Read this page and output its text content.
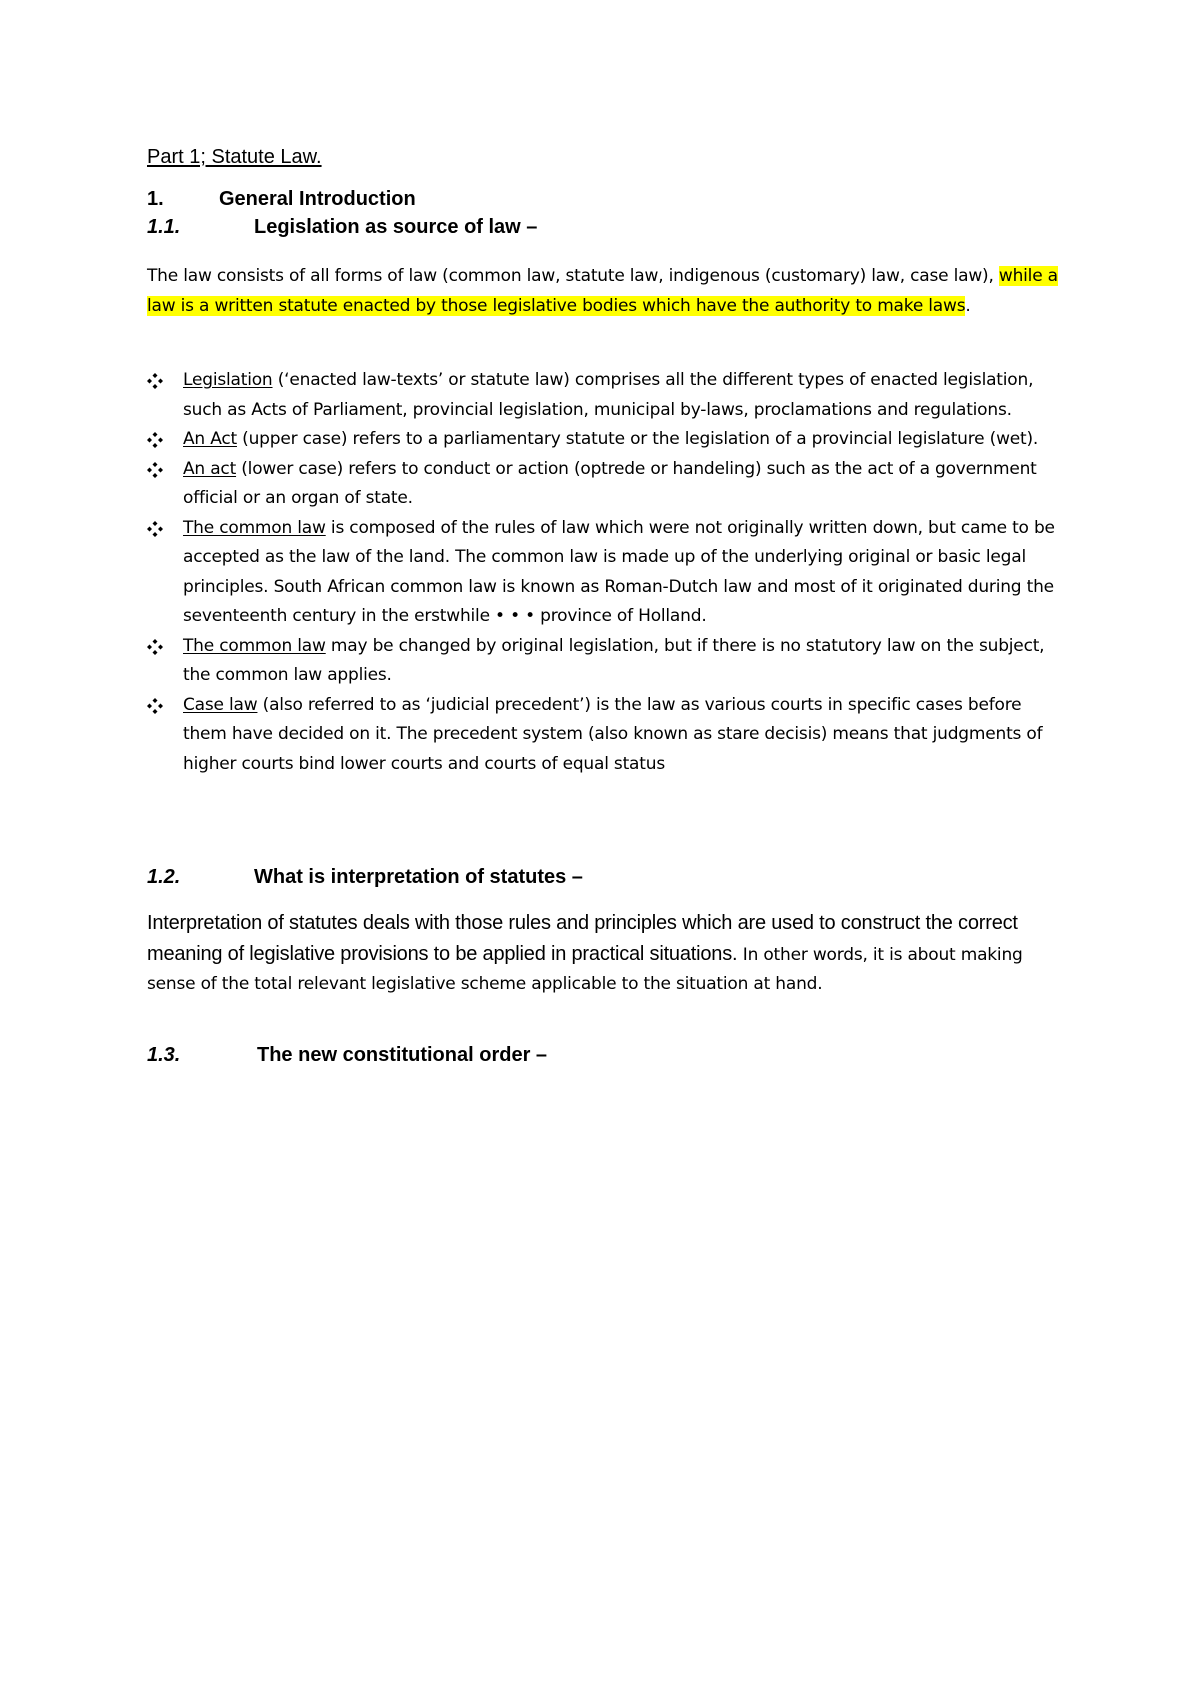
Part 1; Statute Law.
1.	General Introduction
1.1.	Legislation as source of law –
The law consists of all forms of law (common law, statute law, indigenous (customary) law, case law), while a law is a written statute enacted by those legislative bodies which have the authority to make laws.
Legislation (‘enacted law-texts’ or statute law) comprises all the different types of enacted legislation, such as Acts of Parliament, provincial legislation, municipal by-laws, proclamations and regulations.
An Act (upper case) refers to a parliamentary statute or the legislation of a provincial legislature (wet).
An act (lower case) refers to conduct or action (optrede or handeling) such as the act of a government official or an organ of state.
The common law is composed of the rules of law which were not originally written down, but came to be accepted as the law of the land. The common law is made up of the underlying original or basic legal principles. South African common law is known as Roman-Dutch law and most of it originated during the seventeenth century in the erstwhile • • • province of Holland.
The common law may be changed by original legislation, but if there is no statutory law on the subject, the common law applies.
Case law (also referred to as ‘judicial precedent’) is the law as various courts in specific cases before them have decided on it. The precedent system (also known as stare decisis) means that judgments of higher courts bind lower courts and courts of equal status
1.2.	What is interpretation of statutes –
Interpretation of statutes deals with those rules and principles which are used to construct the correct meaning of legislative provisions to be applied in practical situations. In other words, it is about making sense of the total relevant legislative scheme applicable to the situation at hand.
1.3.	The new constitutional order –
